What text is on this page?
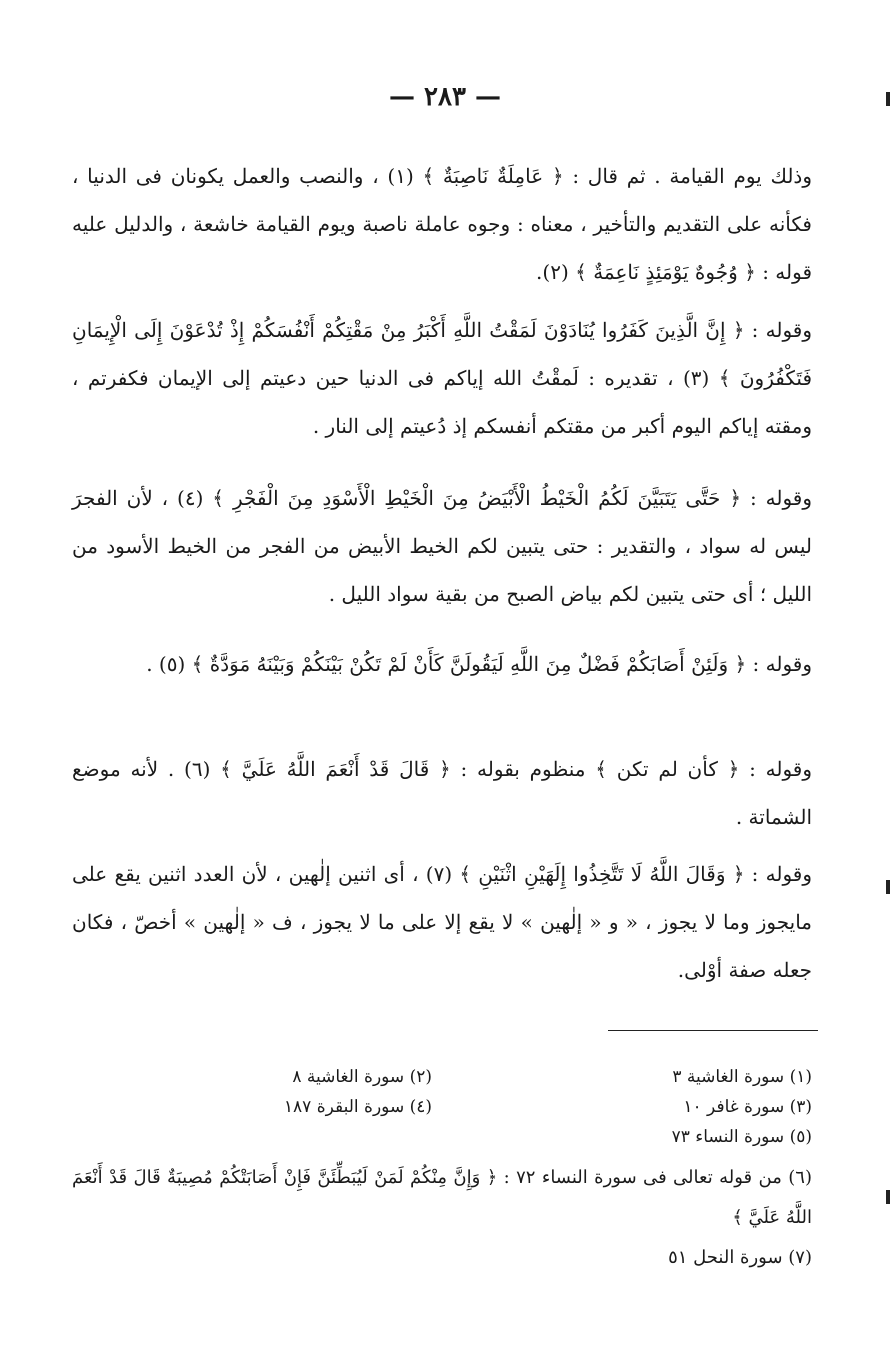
— ٢٨٣ —

وذلك يوم القيامة . ثم قال : ﴿ عَامِلَةٌ نَاصِبَةٌ ﴾ (١) ، والنصب والعمل يكونان فى الدنيا ، فكأنه على التقديم والتأخير ، معناه : وجوه عاملة ناصبة ويوم القيامة خاشعة ، والدليل عليه قوله : ﴿ وُجُوهٌ يَوْمَئِذٍ نَاعِمَةٌ ﴾ (٢).

وقوله : ﴿ إِنَّ الَّذِينَ كَفَرُوا يُنَادَوْنَ لَمَقْتُ اللَّهِ أَكْبَرُ مِنْ مَقْتِكُمْ أَنْفُسَكُمْ إِذْ تُدْعَوْنَ إِلَى الْإِيمَانِ فَتَكْفُرُونَ ﴾ (٣) ، تقديره : لَمقْتُ الله إياكم فى الدنيا حين دعيتم إلى الإيمان فكفرتم ، ومقته إياكم اليوم أكبر من مقتكم أنفسكم إذ دُعيتم إلى النار .

وقوله : ﴿ حَتَّى يَتَبَيَّنَ لَكُمُ الْخَيْطُ الْأَبْيَضُ مِنَ الْخَيْطِ الْأَسْوَدِ مِنَ الْفَجْرِ ﴾ (٤) ، لأن الفجرَ ليس له سواد ، والتقدير : حتى يتبين لكم الخيط الأبيض من الفجر من الخيط الأسود من الليل ؛ أى حتى يتبين لكم بياض الصبح من بقية سواد الليل .

وقوله : ﴿ وَلَئِنْ أَصَابَكُمْ فَضْلٌ مِنَ اللَّهِ لَيَقُولَنَّ كَأَنْ لَمْ تَكُنْ بَيْنَكُمْ وَبَيْنَهُ مَوَدَّةٌ ﴾ (٥) .

وقوله : ﴿ كأن لم تكن ﴾ منظوم بقوله : ﴿ قَالَ قَدْ أَنْعَمَ اللَّهُ عَلَيَّ ﴾ (٦) . لأنه موضع الشماتة .

وقوله : ﴿ وَقَالَ اللَّهُ لَا تَتَّخِذُوا إِلَهَيْنِ اثْنَيْنِ ﴾ (٧) ، أى اثنين إلٰهين ، لأن العدد اثنين يقع على مايجوز وما لا يجوز ، « و « إلٰهين » لا يقع إلا على ما لا يجوز ، ف « إلٰهين » أخصّ ، فكان جعله صفة أوْلى.

(١) سورة الغاشية ٣
(٢) سورة الغاشية ٨
(٣) سورة غافر ١٠
(٤) سورة البقرة ١٨٧
(٥) سورة النساء ٧٣
(٦) من قوله تعالى فى سورة النساء ٧٢ : ﴿ وَإِنَّ مِنْكُمْ لَمَنْ لَيُبَطِّئَنَّ فَإِنْ أَصَابَتْكُمْ مُصِيبَةٌ قَالَ قَدْ أَنْعَمَ اللَّهُ عَلَيَّ ﴾
(٧) سورة النحل ٥١
